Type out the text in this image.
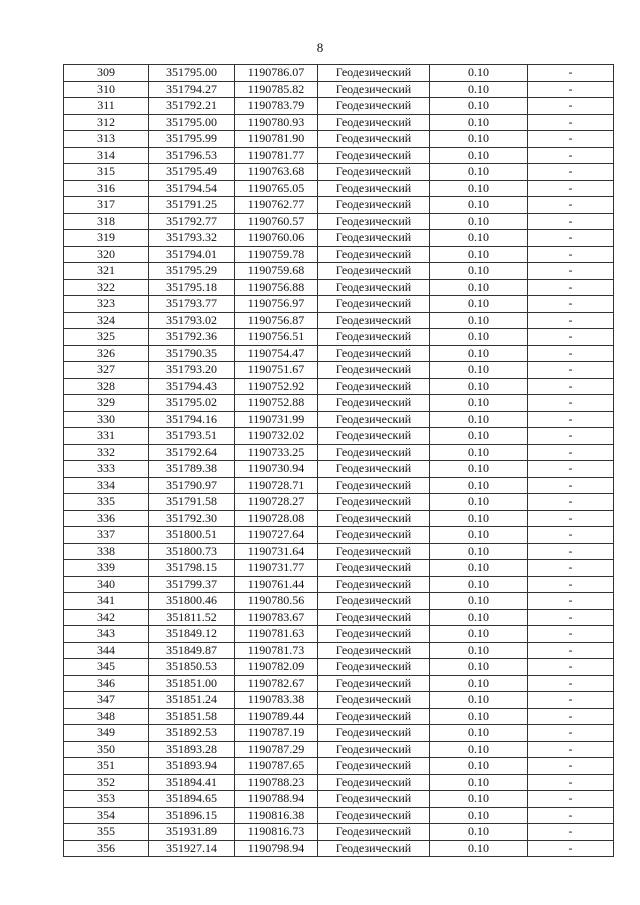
8
309	351795.00	1190786.07	Геодезический	0.10	-
310	351794.27	1190785.82	Геодезический	0.10	-
311	351792.21	1190783.79	Геодезический	0.10	-
312	351795.00	1190780.93	Геодезический	0.10	-
313	351795.99	1190781.90	Геодезический	0.10	-
314	351796.53	1190781.77	Геодезический	0.10	-
315	351795.49	1190763.68	Геодезический	0.10	-
316	351794.54	1190765.05	Геодезический	0.10	-
317	351791.25	1190762.77	Геодезический	0.10	-
318	351792.77	1190760.57	Геодезический	0.10	-
319	351793.32	1190760.06	Геодезический	0.10	-
320	351794.01	1190759.78	Геодезический	0.10	-
321	351795.29	1190759.68	Геодезический	0.10	-
322	351795.18	1190756.88	Геодезический	0.10	-
323	351793.77	1190756.97	Геодезический	0.10	-
324	351793.02	1190756.87	Геодезический	0.10	-
325	351792.36	1190756.51	Геодезический	0.10	-
326	351790.35	1190754.47	Геодезический	0.10	-
327	351793.20	1190751.67	Геодезический	0.10	-
328	351794.43	1190752.92	Геодезический	0.10	-
329	351795.02	1190752.88	Геодезический	0.10	-
330	351794.16	1190731.99	Геодезический	0.10	-
331	351793.51	1190732.02	Геодезический	0.10	-
332	351792.64	1190733.25	Геодезический	0.10	-
333	351789.38	1190730.94	Геодезический	0.10	-
334	351790.97	1190728.71	Геодезический	0.10	-
335	351791.58	1190728.27	Геодезический	0.10	-
336	351792.30	1190728.08	Геодезический	0.10	-
337	351800.51	1190727.64	Геодезический	0.10	-
338	351800.73	1190731.64	Геодезический	0.10	-
339	351798.15	1190731.77	Геодезический	0.10	-
340	351799.37	1190761.44	Геодезический	0.10	-
341	351800.46	1190780.56	Геодезический	0.10	-
342	351811.52	1190783.67	Геодезический	0.10	-
343	351849.12	1190781.63	Геодезический	0.10	-
344	351849.87	1190781.73	Геодезический	0.10	-
345	351850.53	1190782.09	Геодезический	0.10	-
346	351851.00	1190782.67	Геодезический	0.10	-
347	351851.24	1190783.38	Геодезический	0.10	-
348	351851.58	1190789.44	Геодезический	0.10	-
349	351892.53	1190787.19	Геодезический	0.10	-
350	351893.28	1190787.29	Геодезический	0.10	-
351	351893.94	1190787.65	Геодезический	0.10	-
352	351894.41	1190788.23	Геодезический	0.10	-
353	351894.65	1190788.94	Геодезический	0.10	-
354	351896.15	1190816.38	Геодезический	0.10	-
355	351931.89	1190816.73	Геодезический	0.10	-
356	351927.14	1190798.94	Геодезический	0.10	-
